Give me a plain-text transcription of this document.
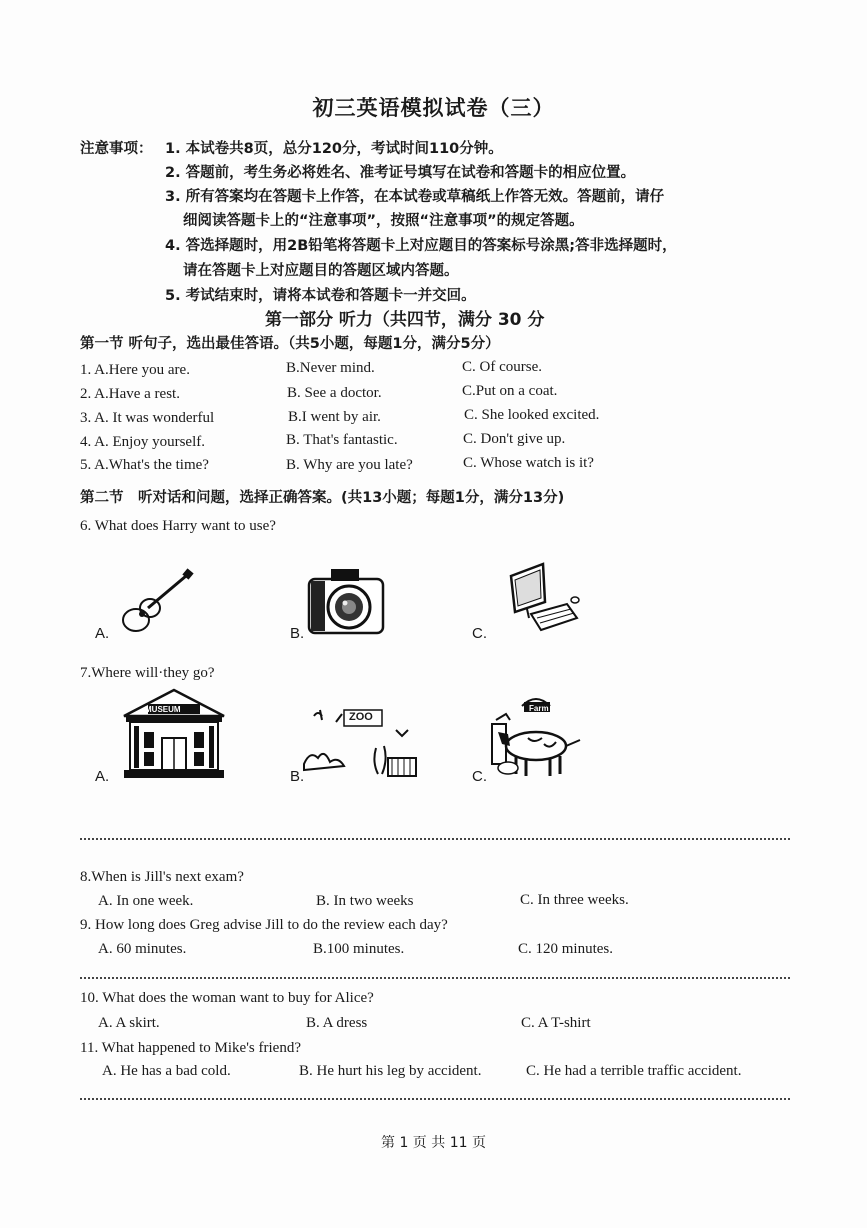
初三英语模拟试卷（三）
注意事项： 1. 本试卷共8页，总分120分，考试时间110分钟。
2. 答题前，考生务必将姓名、准考证号填写在试卷和答题卡的相应位置。
3. 所有答案均在答题卡上作答，在本试卷或草稿纸上作答无效。答题前，请仔
细阅读答题卡上的“注意事项”，按照“注意事项”的规定答题。
4. 答选择题时，用2B铅笔将答题卡上对应题目的答案标号涂黑;答非选择题时，
请在答题卡上对应题目的答题区域内答题。
5. 考试结束时，请将本试卷和答题卡一并交回。
第一部分 听力（共四节，满分 30 分
第一节 听句子，选出最佳答语。（共5小题，每题1分，满分5分）
1. A.Here you are.	B.Never mind.	C. Of course.
2. A.Have a rest.	B. See a doctor.	C.Put on a coat.
3. A. It was wonderful	B.I went by air.	C. She looked excited.
4. A. Enjoy yourself.	B. That's fantastic.	C. Don't give up.
5. A.What's the time?	B. Why are you late?	C. Whose watch is it?
第二节　听对话和问题，选择正确答案。(共13小题；每题1分，满分13分)
6. What does Harry want to use?
A.	B.	C.
7.Where will·they go?
MUSEUM
A.
ZOO
B.
Farm
C.
8.When is Jill's next exam?
A. In one week.	B. In two weeks	C. In three weeks.
9. How long does Greg advise Jill to do the review each day?
A. 60 minutes.	B.100 minutes.	C. 120 minutes.
10. What does the woman want to buy for Alice?
A. A skirt.	B. A dress	C. A T-shirt
11. What happened to Mike's friend?
A. He has a bad cold.	B. He hurt his leg by accident.	C. He had a terrible traffic accident.
第 1 页 共 11 页
